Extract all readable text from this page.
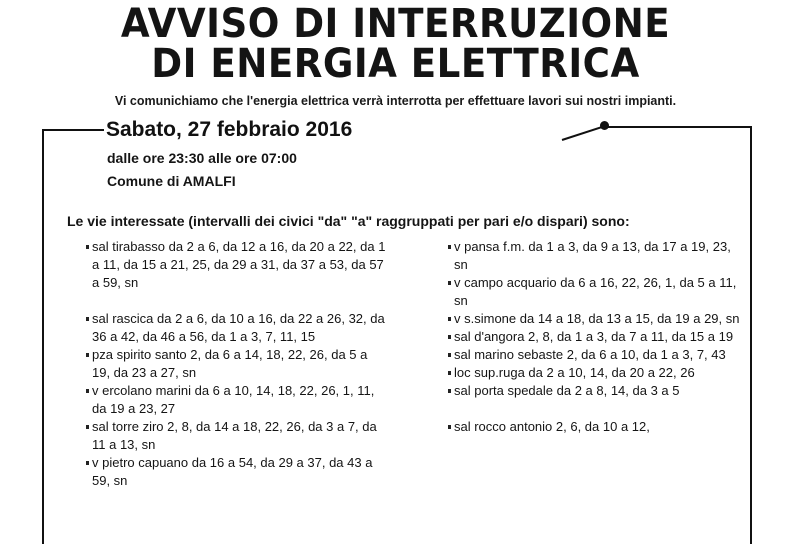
AVVISO DI INTERRUZIONE
DI ENERGIA ELETTRICA
Vi comunichiamo che l'energia elettrica verrà interrotta per effettuare lavori sui nostri impianti.
Sabato, 27 febbraio 2016
dalle ore 23:30 alle ore 07:00
Comune di AMALFI
Le vie interessate (intervalli dei civici "da" "a" raggruppati per pari e/o dispari) sono:
sal tirabasso da 2 a 6, da 12 a 16, da 20 a 22, da 1 a 11, da 15 a 21, 25, da 29 a 31, da 37 a 53, da 57 a 59, sn
sal rascica da 2 a 6, da 10 a 16, da 22 a 26, 32, da 36 a 42, da 46 a 56, da 1 a 3, 7, 11, 15
pza spirito santo 2, da 6 a 14, 18, 22, 26, da 5 a 19, da 23 a 27, sn
v ercolano marini da 6 a 10, 14, 18, 22, 26, 1, 11, da 19 a 23, 27
sal torre ziro 2, 8, da 14 a 18, 22, 26, da 3 a 7, da 11 a 13, sn
v pietro capuano da 16 a 54, da 29 a 37, da 43 a 59, sn
v pansa f.m. da 1 a 3, da 9 a 13, da 17 a 19, 23, sn
v campo acquario da 6 a 16, 22, 26, 1, da 5 a 11, sn
v s.simone da 14 a 18, da 13 a 15, da 19 a 29, sn
sal d'angora 2, 8, da 1 a 3, da 7 a 11, da 15 a 19
sal marino sebaste 2, da 6 a 10, da 1 a 3, 7, 43
loc sup.ruga da 2 a 10, 14, da 20 a 22, 26
sal porta spedale da 2 a 8, 14, da 3 a 5
sal rocco antonio 2, 6, da 10 a 12,
